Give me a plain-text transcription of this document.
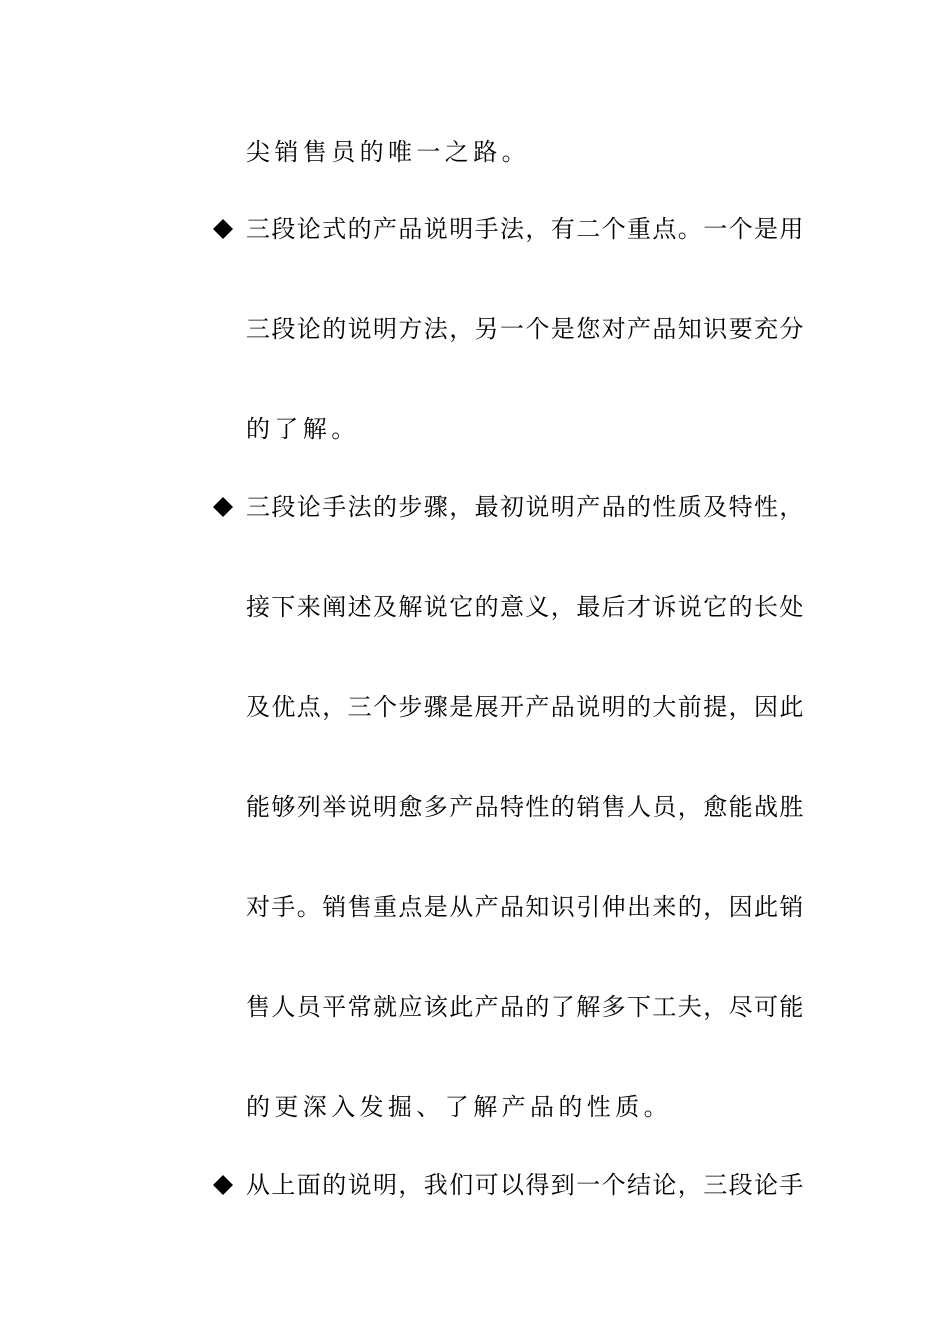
尖销售员的唯一之路。
三段论式的产品说明手法，有二个重点。一个是用
三段论的说明方法，另一个是您对产品知识要充分
的了解。
三段论手法的步骤，最初说明产品的性质及特性，
接下来阐述及解说它的意义，最后才诉说它的长处
及优点，三个步骤是展开产品说明的大前提，因此
能够列举说明愈多产品特性的销售人员，愈能战胜
对手。销售重点是从产品知识引伸出来的，因此销
售人员平常就应该此产品的了解多下工夫，尽可能
的更深入发掘、了解产品的性质。
从上面的说明，我们可以得到一个结论，三段论手
